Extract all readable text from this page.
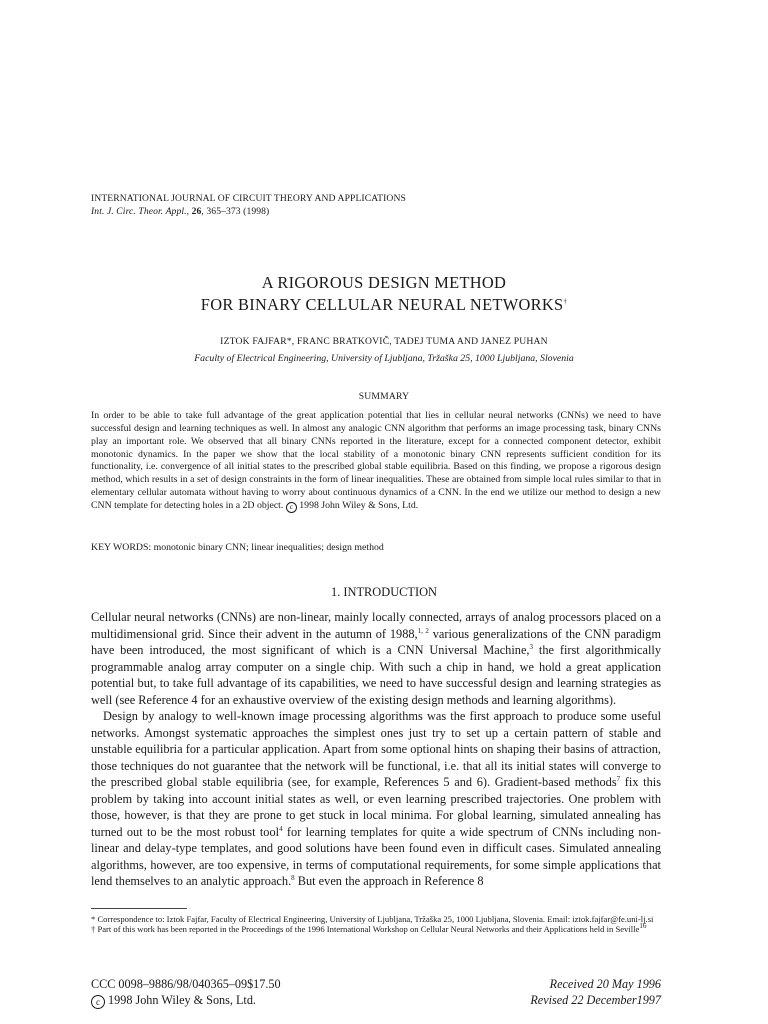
INTERNATIONAL JOURNAL OF CIRCUIT THEORY AND APPLICATIONS
Int. J. Circ. Theor. Appl., 26, 365–373 (1998)
A RIGOROUS DESIGN METHOD
FOR BINARY CELLULAR NEURAL NETWORKS†
IZTOK FAJFAR*, FRANC BRATKOVIČ, TADEJ TUMA AND JANEZ PUHAN
Faculty of Electrical Engineering, University of Ljubljana, Tržaška 25, 1000 Ljubljana, Slovenia
SUMMARY
In order to be able to take full advantage of the great application potential that lies in cellular neural networks (CNNs) we need to have successful design and learning techniques as well. In almost any analogic CNN algorithm that performs an image processing task, binary CNNs play an important role. We observed that all binary CNNs reported in the literature, except for a connected component detector, exhibit monotonic dynamics. In the paper we show that the local stability of a monotonic binary CNN represents sufficient condition for its functionality, i.e. convergence of all initial states to the prescribed global stable equilibria. Based on this finding, we propose a rigorous design method, which results in a set of design constraints in the form of linear inequalities. These are obtained from simple local rules similar to that in elementary cellular automata without having to worry about continuous dynamics of a CNN. In the end we utilize our method to design a new CNN template for detecting holes in a 2D object. c 1998 John Wiley & Sons, Ltd.
KEY WORDS: monotonic binary CNN; linear inequalities; design method
1. INTRODUCTION

Cellular neural networks (CNNs) are non-linear, mainly locally connected, arrays of analog processors placed on a multidimensional grid. Since their advent in the autumn of 1988,$^{1, 2}$ various generalizations of the CNN paradigm have been introduced, the most significant of which is a CNN Universal Machine,$^3$ the first algorithmically programmable analog array computer on a single chip. With such a chip in hand, we hold a great application potential but, to take full advantage of its capabilities, we need to have successful design and learning strategies as well (see Reference 4 for an exhaustive overview of the existing design methods and learning algorithms).

Design by analogy to well-known image processing algorithms was the first approach to produce some useful networks. Amongst systematic approaches the simplest ones just try to set up a certain pattern of stable and unstable equilibria for a particular application. Apart from some optional hints on shaping their basins of attraction, those techniques do not guarantee that the network will be functional, i.e. that all its initial states will converge to the prescribed global stable equilibria (see, for example, References 5 and 6). Gradient-based methods$^7$ fix this problem by taking into account initial states as well, or even learning prescribed trajectories. One problem with those, however, is that they are prone to get stuck in local minima. For global learning, simulated annealing has turned out to be the most robust tool$^4$ for learning templates for quite a wide spectrum of CNNs including non-linear and delay-type templates, and good solutions have been found even in difficult cases. Simulated annealing algorithms, however, are too expensive, in terms of computational requirements, for some simple applications that lend themselves to an analytic approach.$^8$ But even the approach in Reference 8

* Correspondence to: Iztok Fajfar, Faculty of Electrical Engineering, University of Ljubljana, Tržaška 25, 1000 Ljubljana, Slovenia. Email: iztok.fajfar@fe.uni-lj.si

† Part of this work has been reported in the Proceedings of the 1996 International Workshop on Cellular Neural Networks and their Applications held in Seville$^{16}$

CCC 0098–9886/98/040365–09$17.50
c 1998 John Wiley & Sons, Ltd.
Received 20 May 1996
Revised 22 December1997
